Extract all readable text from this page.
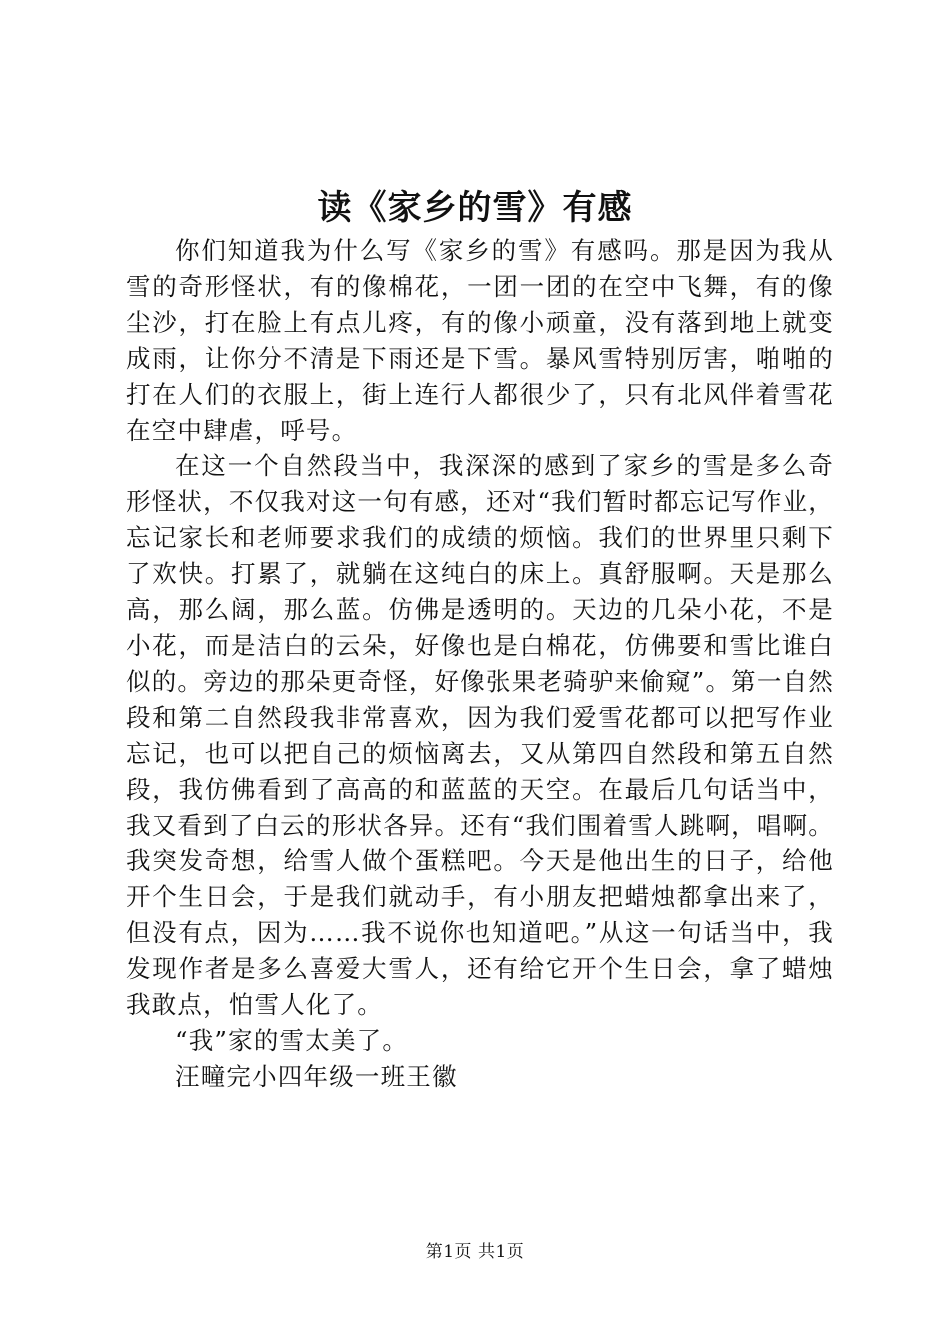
读《家乡的雪》有感

你们知道我为什么写《家乡的雪》有感吗。那是因为我从雪的奇形怪状，有的像棉花，一团一团的在空中飞舞，有的像尘沙，打在脸上有点儿疼，有的像小顽童，没有落到地上就变成雨，让你分不清是下雨还是下雪。暴风雪特别厉害，啪啪的打在人们的衣服上，街上连行人都很少了，只有北风伴着雪花在空中肆虐，呼号。

在这一个自然段当中，我深深的感到了家乡的雪是多么奇形怪状，不仅我对这一句有感，还对“我们暂时都忘记写作业，忘记家长和老师要求我们的成绩的烦恼。我们的世界里只剩下了欢快。打累了，就躺在这纯白的床上。真舒服啊。天是那么高，那么阔，那么蓝。仿佛是透明的。天边的几朵小花，不是小花，而是洁白的云朵，好像也是白棉花，仿佛要和雪比谁白似的。旁边的那朵更奇怪，好像张果老骑驴来偷窥”。第一自然段和第二自然段我非常喜欢，因为我们爱雪花都可以把写作业忘记，也可以把自己的烦恼离去，又从第四自然段和第五自然段，我仿佛看到了高高的和蓝蓝的天空。在最后几句话当中，我又看到了白云的形状各异。还有“我们围着雪人跳啊，唱啊。我突发奇想，给雪人做个蛋糕吧。今天是他出生的日子，给他开个生日会，于是我们就动手，有小朋友把蜡烛都拿出来了，但没有点，因为……我不说你也知道吧。”从这一句话当中，我发现作者是多么喜爱大雪人，还有给它开个生日会，拿了蜡烛我敢点，怕雪人化了。

“我”家的雪太美了。

汪疃完小四年级一班王徽

第1页 共1页
